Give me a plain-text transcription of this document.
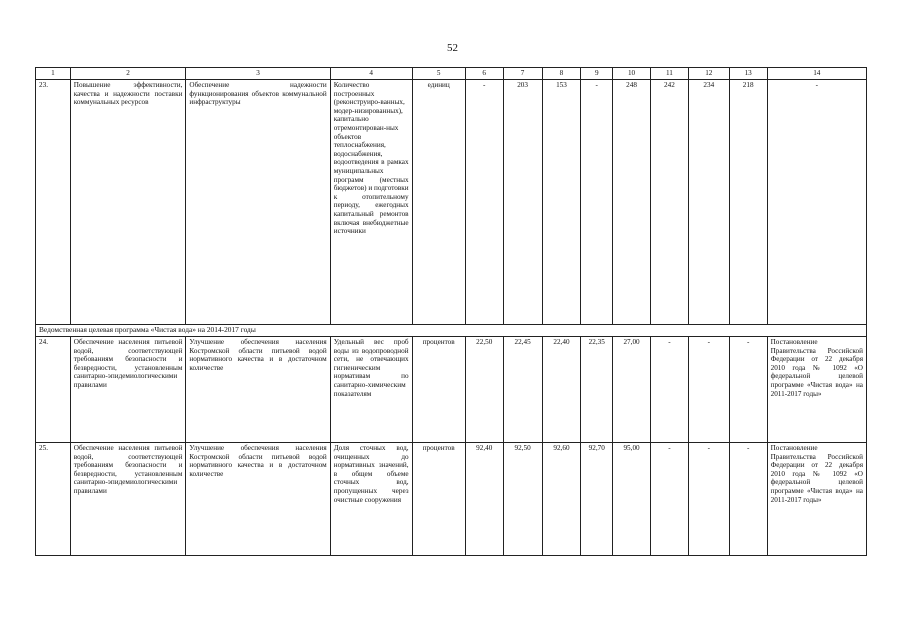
52
1	2	3	4	5	6	7	8	9	10	11	12	13	14
23.	Повышение эффективности, качества и надежности поставки коммунальных ресурсов	Обеспечение надежности функционирования объектов коммунальной инфраструктуры	Количество построенных (реконструиро-ванных, модер-низированных), капитально отремонтирован-ных объектов теплоснабжения, водоснабжения, водоотведения в рамках муниципальных программ (местных бюджетов) и подготовки к отопительному периоду, ежегодных капитальный ремонтов включая внебюджетные источники	единиц	-	203	153	-	248	242	234	218	-
Ведомственная целевая программа «Чистая вода» на 2014-2017 годы													
24.	Обеспечение населения питьевой водой, соответствующей требованиям безопасности и безвредности, установленным санитарно-эпидемиологическими правилами	Улучшение обеспечения населения Костромской области питьевой водой нормативного качества и в достаточном количестве	Удельный вес проб воды из водопроводной сети, не отвечающих гигиеническим нормативам по санитарно-химическим показателям	процентов	22,50	22,45	22,40	22,35	27,00	-	-	-	Постановление Правительства Российской Федерации от 22 декабря 2010 года № 1092 «О федеральной целевой программе «Чистая вода» на 2011-2017 годы»
25.	Обеспечение населения питьевой водой, соответствующей требованиям безопасности и безвредности, установленным санитарно-эпидемиологическими правилами	Улучшение обеспечения населения Костромской области питьевой водой нормативного качества и в достаточном количестве	Доля сточных вод, очищенных до нормативных значений, в общем объеме сточных вод, пропущенных через очистные сооружения	процентов	92,40	92,50	92,60	92,70	95,00	-	-	-	Постановление Правительства Российской Федерации от 22 декабря 2010 года № 1092 «О федеральной целевой программе «Чистая вода» на 2011-2017 годы»
